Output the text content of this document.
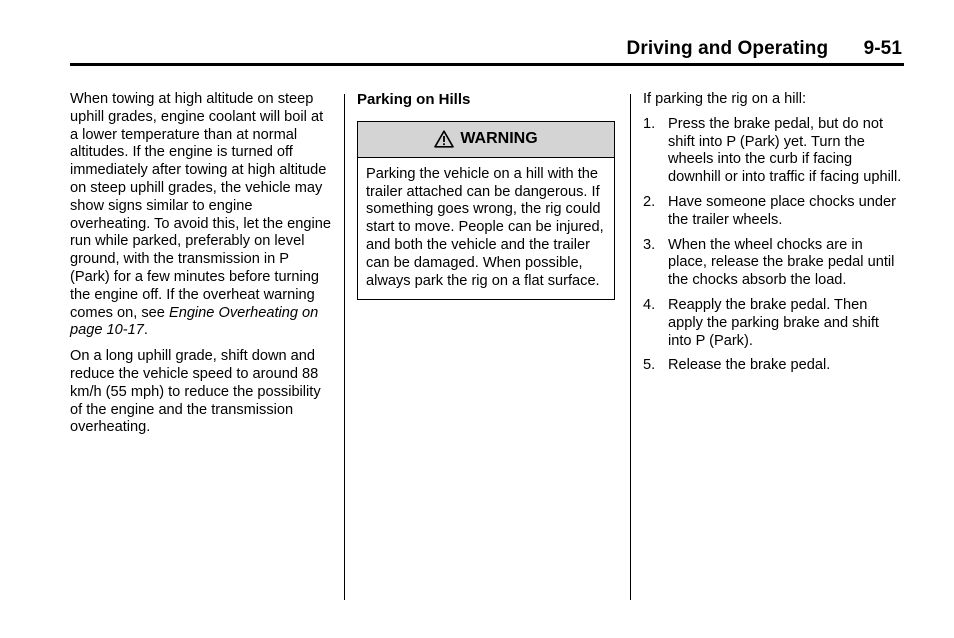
Driving and Operating 9-51

When towing at high altitude on steep uphill grades, engine coolant will boil at a lower temperature than at normal altitudes. If the engine is turned off immediately after towing at high altitude on steep uphill grades, the vehicle may show signs similar to engine overheating. To avoid this, let the engine run while parked, preferably on level ground, with the transmission in P (Park) for a few minutes before turning the engine off. If the overheat warning comes on, see Engine Overheating on page 10-17.

On a long uphill grade, shift down and reduce the vehicle speed to around 88 km/h (55 mph) to reduce the possibility of the engine and the transmission overheating.

Parking on Hills
WARNING
Parking the vehicle on a hill with the trailer attached can be dangerous. If something goes wrong, the rig could start to move. People can be injured, and both the vehicle and the trailer can be damaged. When possible, always park the rig on a flat surface.

If parking the rig on a hill:

1. Press the brake pedal, but do not shift into P (Park) yet. Turn the wheels into the curb if facing downhill or into traffic if facing uphill.
2. Have someone place chocks under the trailer wheels.
3. When the wheel chocks are in place, release the brake pedal until the chocks absorb the load.
4. Reapply the brake pedal. Then apply the parking brake and shift into P (Park).
5. Release the brake pedal.
